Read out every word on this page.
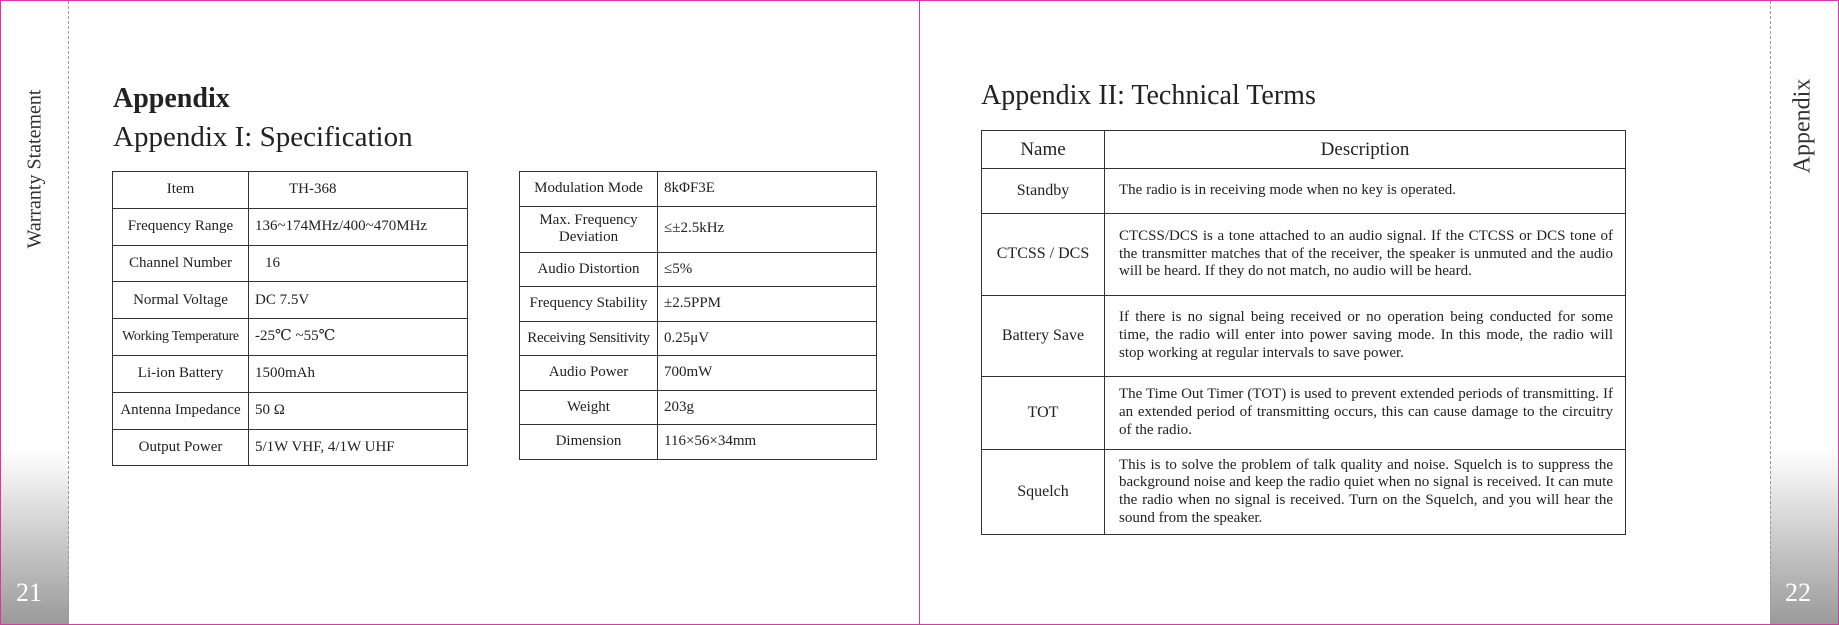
Warranty Statement
21
Appendix
Appendix I: Specification
Item	TH-368
Frequency Range	136~174MHz/400~470MHz
Channel Number	16
Normal Voltage	DC 7.5V
Working Temperature	-25℃ ~55℃
Li-ion Battery	1500mAh
Antenna Impedance	50 Ω
Output Power	5/1W VHF, 4/1W UHF
Modulation Mode	8kΦF3E
Max. Frequency Deviation	≤±2.5kHz
Audio Distortion	≤5%
Frequency Stability	±2.5PPM
Receiving Sensitivity	0.25μV
Audio Power	700mW
Weight	203g
Dimension	116×56×34mm
Appendix II: Technical Terms
Name	Description
Standby	The radio is in receiving mode when no key is operated.
CTCSS / DCS	CTCSS/DCS is a tone attached to an audio signal. If the CTCSS or DCS tone of the transmitter matches that of the receiver, the speaker is unmuted and the audio will be heard. If they do not match, no audio will be heard.
Battery Save	If there is no signal being received or no operation being conducted for some time, the radio will enter into power saving mode. In this mode, the radio will stop working at regular intervals to save power.
TOT	The Time Out Timer (TOT) is used to prevent extended periods of transmitting. If an extended period of transmitting occurs, this can cause damage to the circuitry of the radio.
Squelch	This is to solve the problem of talk quality and noise. Squelch is to suppress the background noise and keep the radio quiet when no signal is received. It can mute the radio when no signal is received. Turn on the Squelch, and you will hear the sound from the speaker.
Appendix
22
